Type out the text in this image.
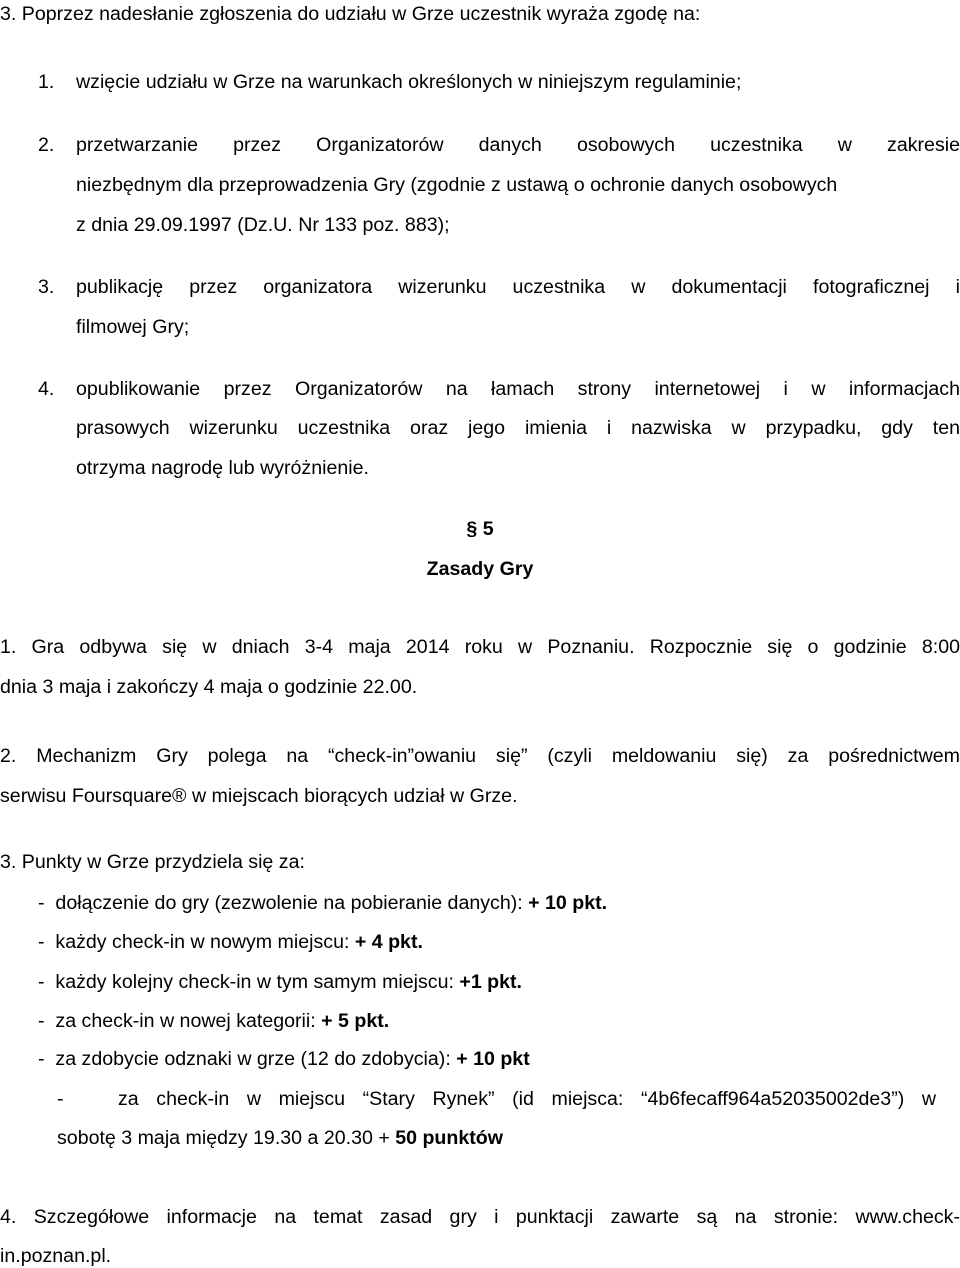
3. Poprzez nadesłanie zgłoszenia do udziału w Grze uczestnik wyraża zgodę na:
1. wzięcie udziału w Grze na warunkach określonych w niniejszym regulaminie;
2. przetwarzanie przez Organizatorów danych osobowych uczestnika w zakresie
niezbędnym dla przeprowadzenia Gry (zgodnie z ustawą o ochronie danych osobowych
z dnia 29.09.1997 (Dz.U. Nr 133 poz. 883);
3. publikację przez organizatora wizerunku uczestnika w dokumentacji fotograficznej i
filmowej Gry;
4. opublikowanie przez Organizatorów na łamach strony internetowej i w informacjach
prasowych wizerunku uczestnika oraz jego imienia i nazwiska w przypadku, gdy ten
otrzyma nagrodę lub wyróżnienie.
§ 5
Zasady Gry
1. Gra odbywa się w dniach 3-4 maja 2014 roku w Poznaniu. Rozpocznie się o godzinie 8:00
dnia 3 maja i zakończy 4 maja o godzinie 22.00.
2. Mechanizm Gry polega na “check-in”owaniu się” (czyli meldowaniu się) za pośrednictwem
serwisu Foursquare® w miejscach biorących udział w Grze.
3. Punkty w Grze przydziela się za:
- dołączenie do gry (zezwolenie na pobieranie danych): + 10 pkt.
- każdy check-in w nowym miejscu: + 4 pkt.
- każdy kolejny check-in w tym samym miejscu: +1 pkt.
- za check-in w nowej kategorii: + 5 pkt.
- za zdobycie odznaki w grze (12 do zdobycia): + 10 pkt
-	za check-in w miejscu “Stary Rynek” (id miejsca: “4b6fecaff964a52035002de3”) w
sobotę 3 maja między 19.30 a 20.30 + 50 punktów
4. Szczegółowe informacje na temat zasad gry i punktacji zawarte są na stronie: www.check-
in.poznan.pl.
